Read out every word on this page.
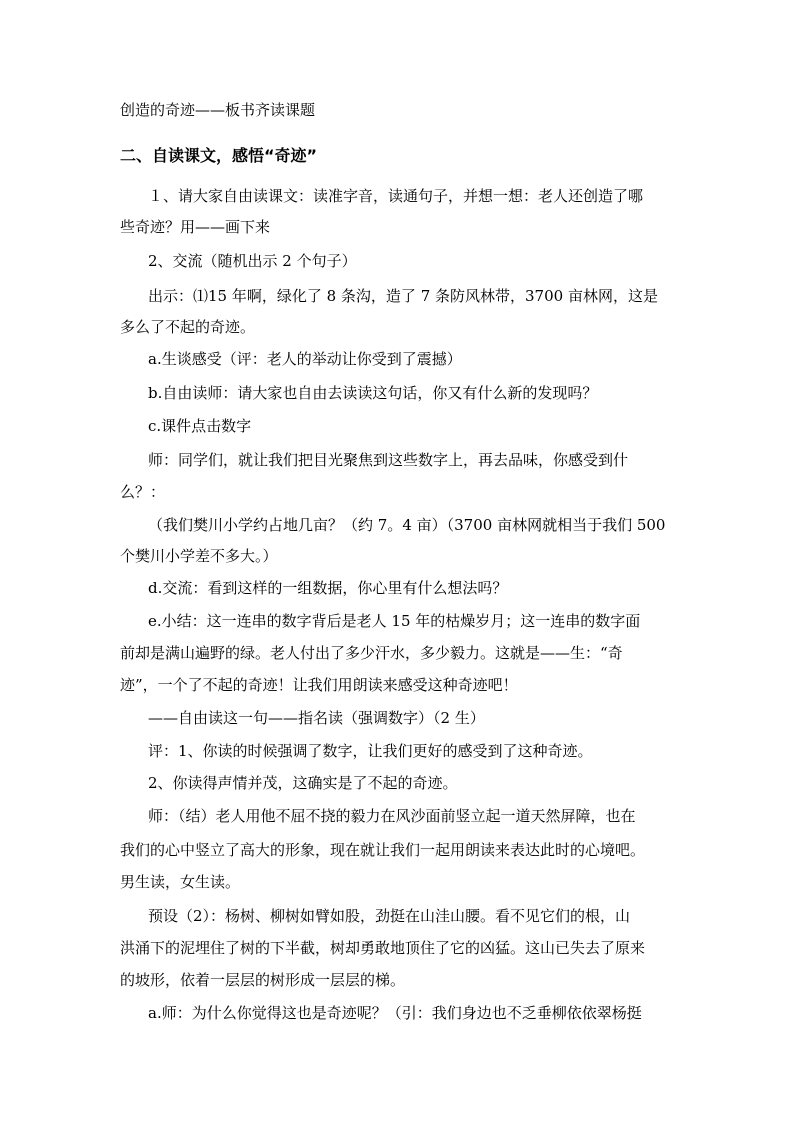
创造的奇迹——板书齐读课题
二、自读课文，感悟“奇迹”
１、请大家自由读课文：读准字音，读通句子，并想一想：老人还创造了哪
些奇迹？用——画下来
2、交流（随机出示 2 个句子）
出示：⑴15 年啊，绿化了 8 条沟，造了 7 条防风林带，3700 亩林网，这是
多么了不起的奇迹。
a.生谈感受（评：老人的举动让你受到了震撼）
b.自由读师：请大家也自由去读读这句话，你又有什么新的发现吗？
c.课件点击数字
师：同学们，就让我们把目光聚焦到这些数字上，再去品味，你感受到什
么？：
（我们樊川小学约占地几亩？（约 7。4 亩）（3700 亩林网就相当于我们 500
个樊川小学差不多大。）
d.交流：看到这样的一组数据，你心里有什么想法吗？
e.小结：这一连串的数字背后是老人 15 年的枯燥岁月；这一连串的数字面
前却是满山遍野的绿。老人付出了多少汗水，多少毅力。这就是——生：“奇
迹”，一个了不起的奇迹！让我们用朗读来感受这种奇迹吧！
——自由读这一句——指名读（强调数字）（2 生）
评：1、你读的时候强调了数字，让我们更好的感受到了这种奇迹。
2、你读得声情并茂，这确实是了不起的奇迹。
师：（结）老人用他不屈不挠的毅力在风沙面前竖立起一道天然屏障，也在
我们的心中竖立了高大的形象，现在就让我们一起用朗读来表达此时的心境吧。
男生读，女生读。
预设（2）：杨树、柳树如臂如股，劲挺在山洼山腰。看不见它们的根，山
洪涌下的泥埋住了树的下半截，树却勇敢地顶住了它的凶猛。这山已失去了原来
的坡形，依着一层层的树形成一层层的梯。
a.师：为什么你觉得这也是奇迹呢？（引：我们身边也不乏垂柳依依翠杨挺
